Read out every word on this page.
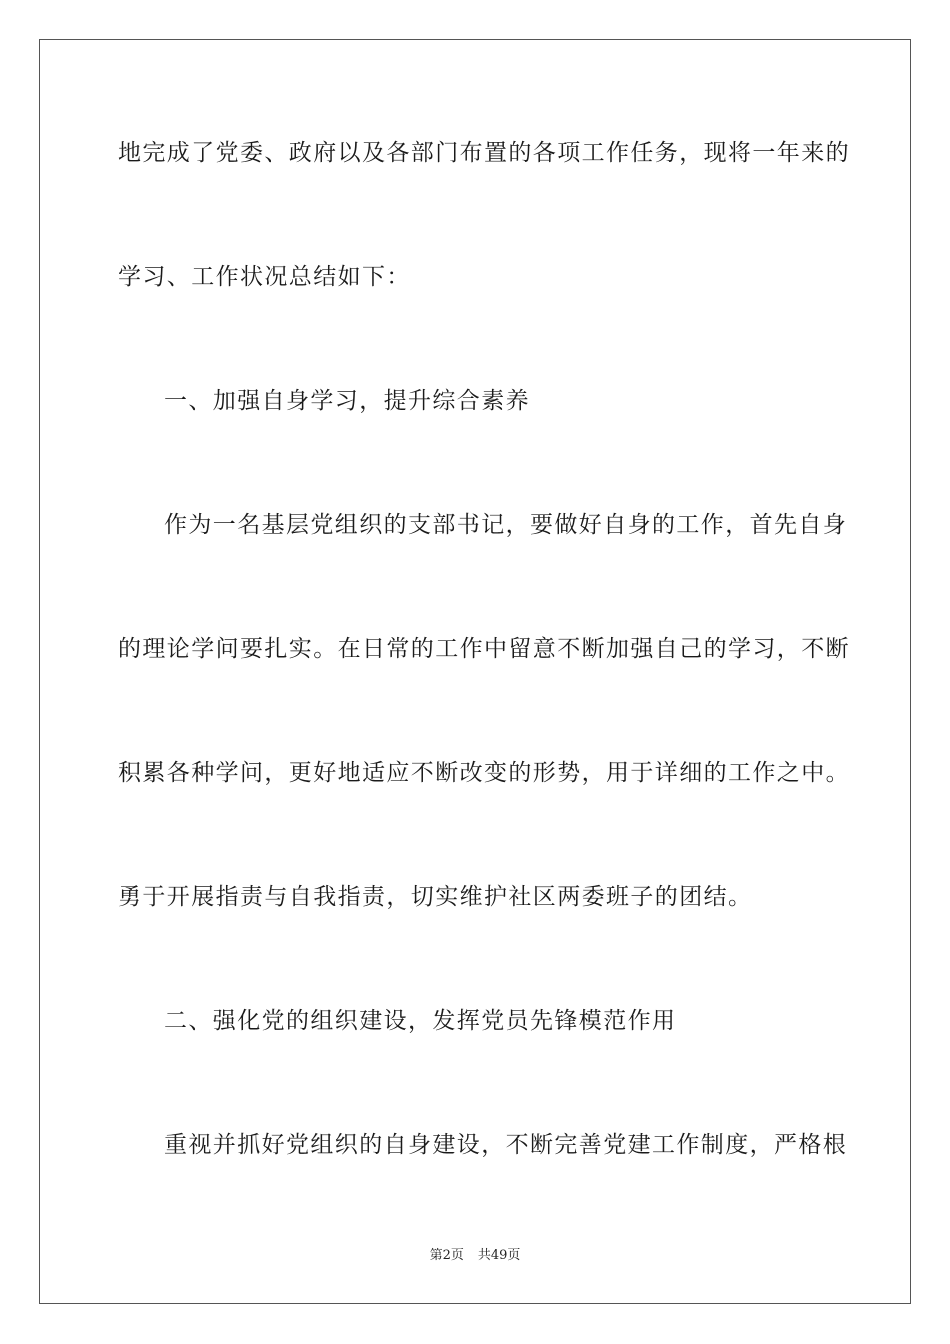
地完成了党委、政府以及各部门布置的各项工作任务，现将一年来的
学习、工作状况总结如下：
一、加强自身学习，提升综合素养
作为一名基层党组织的支部书记，要做好自身的工作，首先自身
的理论学问要扎实。在日常的工作中留意不断加强自己的学习，不断
积累各种学问，更好地适应不断改变的形势，用于详细的工作之中。
勇于开展指责与自我指责，切实维护社区两委班子的团结。
二、强化党的组织建设，发挥党员先锋模范作用
重视并抓好党组织的自身建设，不断完善党建工作制度，严格根
第2页 共49页
